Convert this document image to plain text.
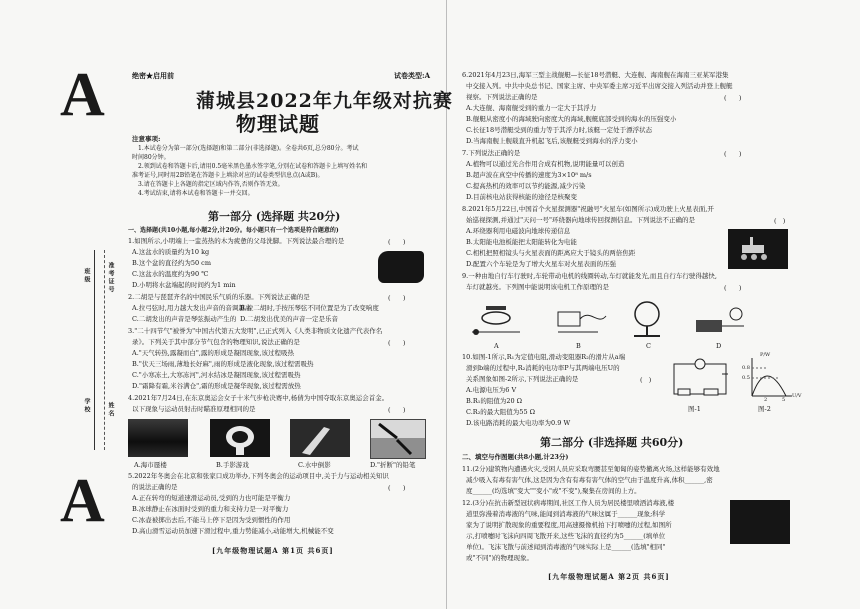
A
A
绝密★启用前	试卷类型:A
蒲城县2022年九年级对抗赛
物理试题
注意事项:
1.本试卷分为第一部分(选择题)和第二部分(非选择题)。全卷共6页,总分80分。考试
时间80分钟。
2.领到试卷和答题卡后,请用0.5毫米黑色墨水签字笔,分别在试卷和答题卡上填写姓名和
准考证号,同时用2B铅笔在答题卡上填涂对应的试卷类型信息点(A或B)。
3.请在答题卡上各题的指定区域内作答,否则作答无效。
4.考试结束,请将本试卷和答题卡一并交回。
第一部分 (选择题 共20分)
一、选择题(共10小题,每小题2分,计20分。每小题只有一个选项是符合题意的)
班级	准考证号
学校	姓名
1.如图所示,小明端上一盅蒸热的木为疲惫的父母洗脚。下列说法最合理的是	(      )
A.这盆水的质量约为10 kg
B.这个盆的直径约为50 cm
C.这盆水的温度约为90 ℃
D.小明将水盆端起的时间约为1 min
2.二胡是与琵琶齐名的中国民乐气质的乐器。下列说法正确的是	(      )
A.拉弓弦时,用力越大发出声音的音调越高
B.拉二胡时,手按压琴弦不同位置是为了改变响度
C.二胡发出的声音是琴弦振动产生的 D.二胡发出优美的声音一定是乐音
3."二十四节气"被誉为"中国古代第五大发明",已正式列入《人类非物质文化遗产代表作名
录》。下列关于其中部分节气包含的物理知识,说法正确的是	(      )
A."天气转热,露凝而白",露的形成是凝固现象,该过程吸热
B."伏天三场雨,薄地长好麻",雨的形成是液化现象,该过程需吸热
C."小寒冻土,大寒冻河",河水结冰是凝固现象,该过程需吸热
D."霜降有霜,米谷满仓",霜的形成是凝华现象,该过程需放热
4.2021年7月24日,在东京奥运会女子十米气步枪决赛中,杨倩为中国夺取东京奥运会首金。
以下现象与运动员射击时瞄准原理相同的是	(      )
A.海市蜃楼	B.手影游戏	C.水中倒影	D."折断"的铅笔
5.2022年冬奥会在北京和张家口成功举办,下列冬奥会的运动项目中,关于力与运动相关知识
的说法正确的是	(      )
A.正在转弯的短道速滑运动员,受到的力也可能是平衡力
B.冰球静止在冰面时受到的重力和支持力是一对平衡力
C.冰壶被掷出去后,不能马上停下是因为受到惯性的作用
D.高山滑雪运动员加速下滑过程中,重力势能减小,动能增大,机械能不变
[九年级物理试题A 第1页 共6页]
6.2021年4月23日,海军三型主战舰艇—长征18号潜艇、大连舰、海南舰在海南三亚某军港集
中交接入列。中共中央总书记、国家主席、中央军委主席习近平出席交接入列活动并登上舰艇
视察。下列说法正确的是	(      )
A.大连舰、海南舰受到的重力一定大于其浮力
B.舰艇从密度小的海域驶向密度大的海域,舰艇底部受到的海水的压强变小
C.长征18号潜艇受到的重力等于其浮力时,该艇一定处于漂浮状态
D.当海南舰上舰载直升机起飞后,该舰艇受到海水的浮力变小
7.下列说法正确的是	(      )
A.植物可以通过光合作用合成有机物,说明能量可以创造
B.超声波在真空中传播的速度为3×10⁸ m/s
C.提高热机的效率可以节约能源,减少污染
D.目前核电站获得核能的途径是核聚变
8.2021年5月22日,中国首个火星探测器"祝融号"火星车(如图所示)成功驶上火星表面,开
始巡视探测,并通过"天问一号"环绕器向地球传回探测信息。下列说法不正确的是	(   )
A.环绕器利用电磁波向地球传递信息
B.太阳能电池板能把太阳能转化为电能
C.相机把照相镜头与火星表面的距离应大于镜头的两倍焦距
D.配置六个车轮是为了增大火星车对火星表面的压强
9.一种由地自行车行驶时,车轮带动电机的线圈转动,车灯就能发光,而且自行车行驶得越快,
车灯就越亮。下列图中能说明该电机工作原理的是	(      )
A	B	C	D
10.如图-1所示,R₁为定值电阻,滑动变阻器R₂的滑片从a端
滑到b端的过程中,R₂消耗的电功率P与其两端电压U的
关系图象如图-2所示,下列说法正确的是	(   )
A.电源电压为6 V
B.R₁的阻值为20 Ω
C.R₂的最大阻值为55 Ω
D.该电路消耗的最大电功率为0.9 W
图-1
P/W
U/V
0.8
0.5
2	5
图-2
第二部分 (非选择题 共60分)
二、填空与作图题(共8小题,计23分)
11.(2分)建筑物内遭遇火灾,受困人员应采取弯腰甚至匍匐的姿势撤离火场,这样能够有效地
减少吸入有毒有害气体,这是因为含有有毒有害气体的空气由于温度升高,体积______,密
度______(均选填"变大""变小"或"不变"),聚集在房间的上方。
12.(3分)在抗击新型冠状病毒期间,社区工作人员为居民楼里喷洒消毒液,楼
道里弥漫着消毒液的气味,能闻到消毒液的气味这属于______现象;科学
家为了说明扩散现象的重要程度,用高速摄像机拍下打喷嚏的过程,如图所
示,打喷嚏时飞沫向四周飞散开来,这些飞沫的直径约为5______(填单位
单位)。飞沫飞散与前述闻到消毒液的气味实际上是______(选填"相同"
或"不同")的物理现象。
[九年级物理试题A 第2页 共6页]
